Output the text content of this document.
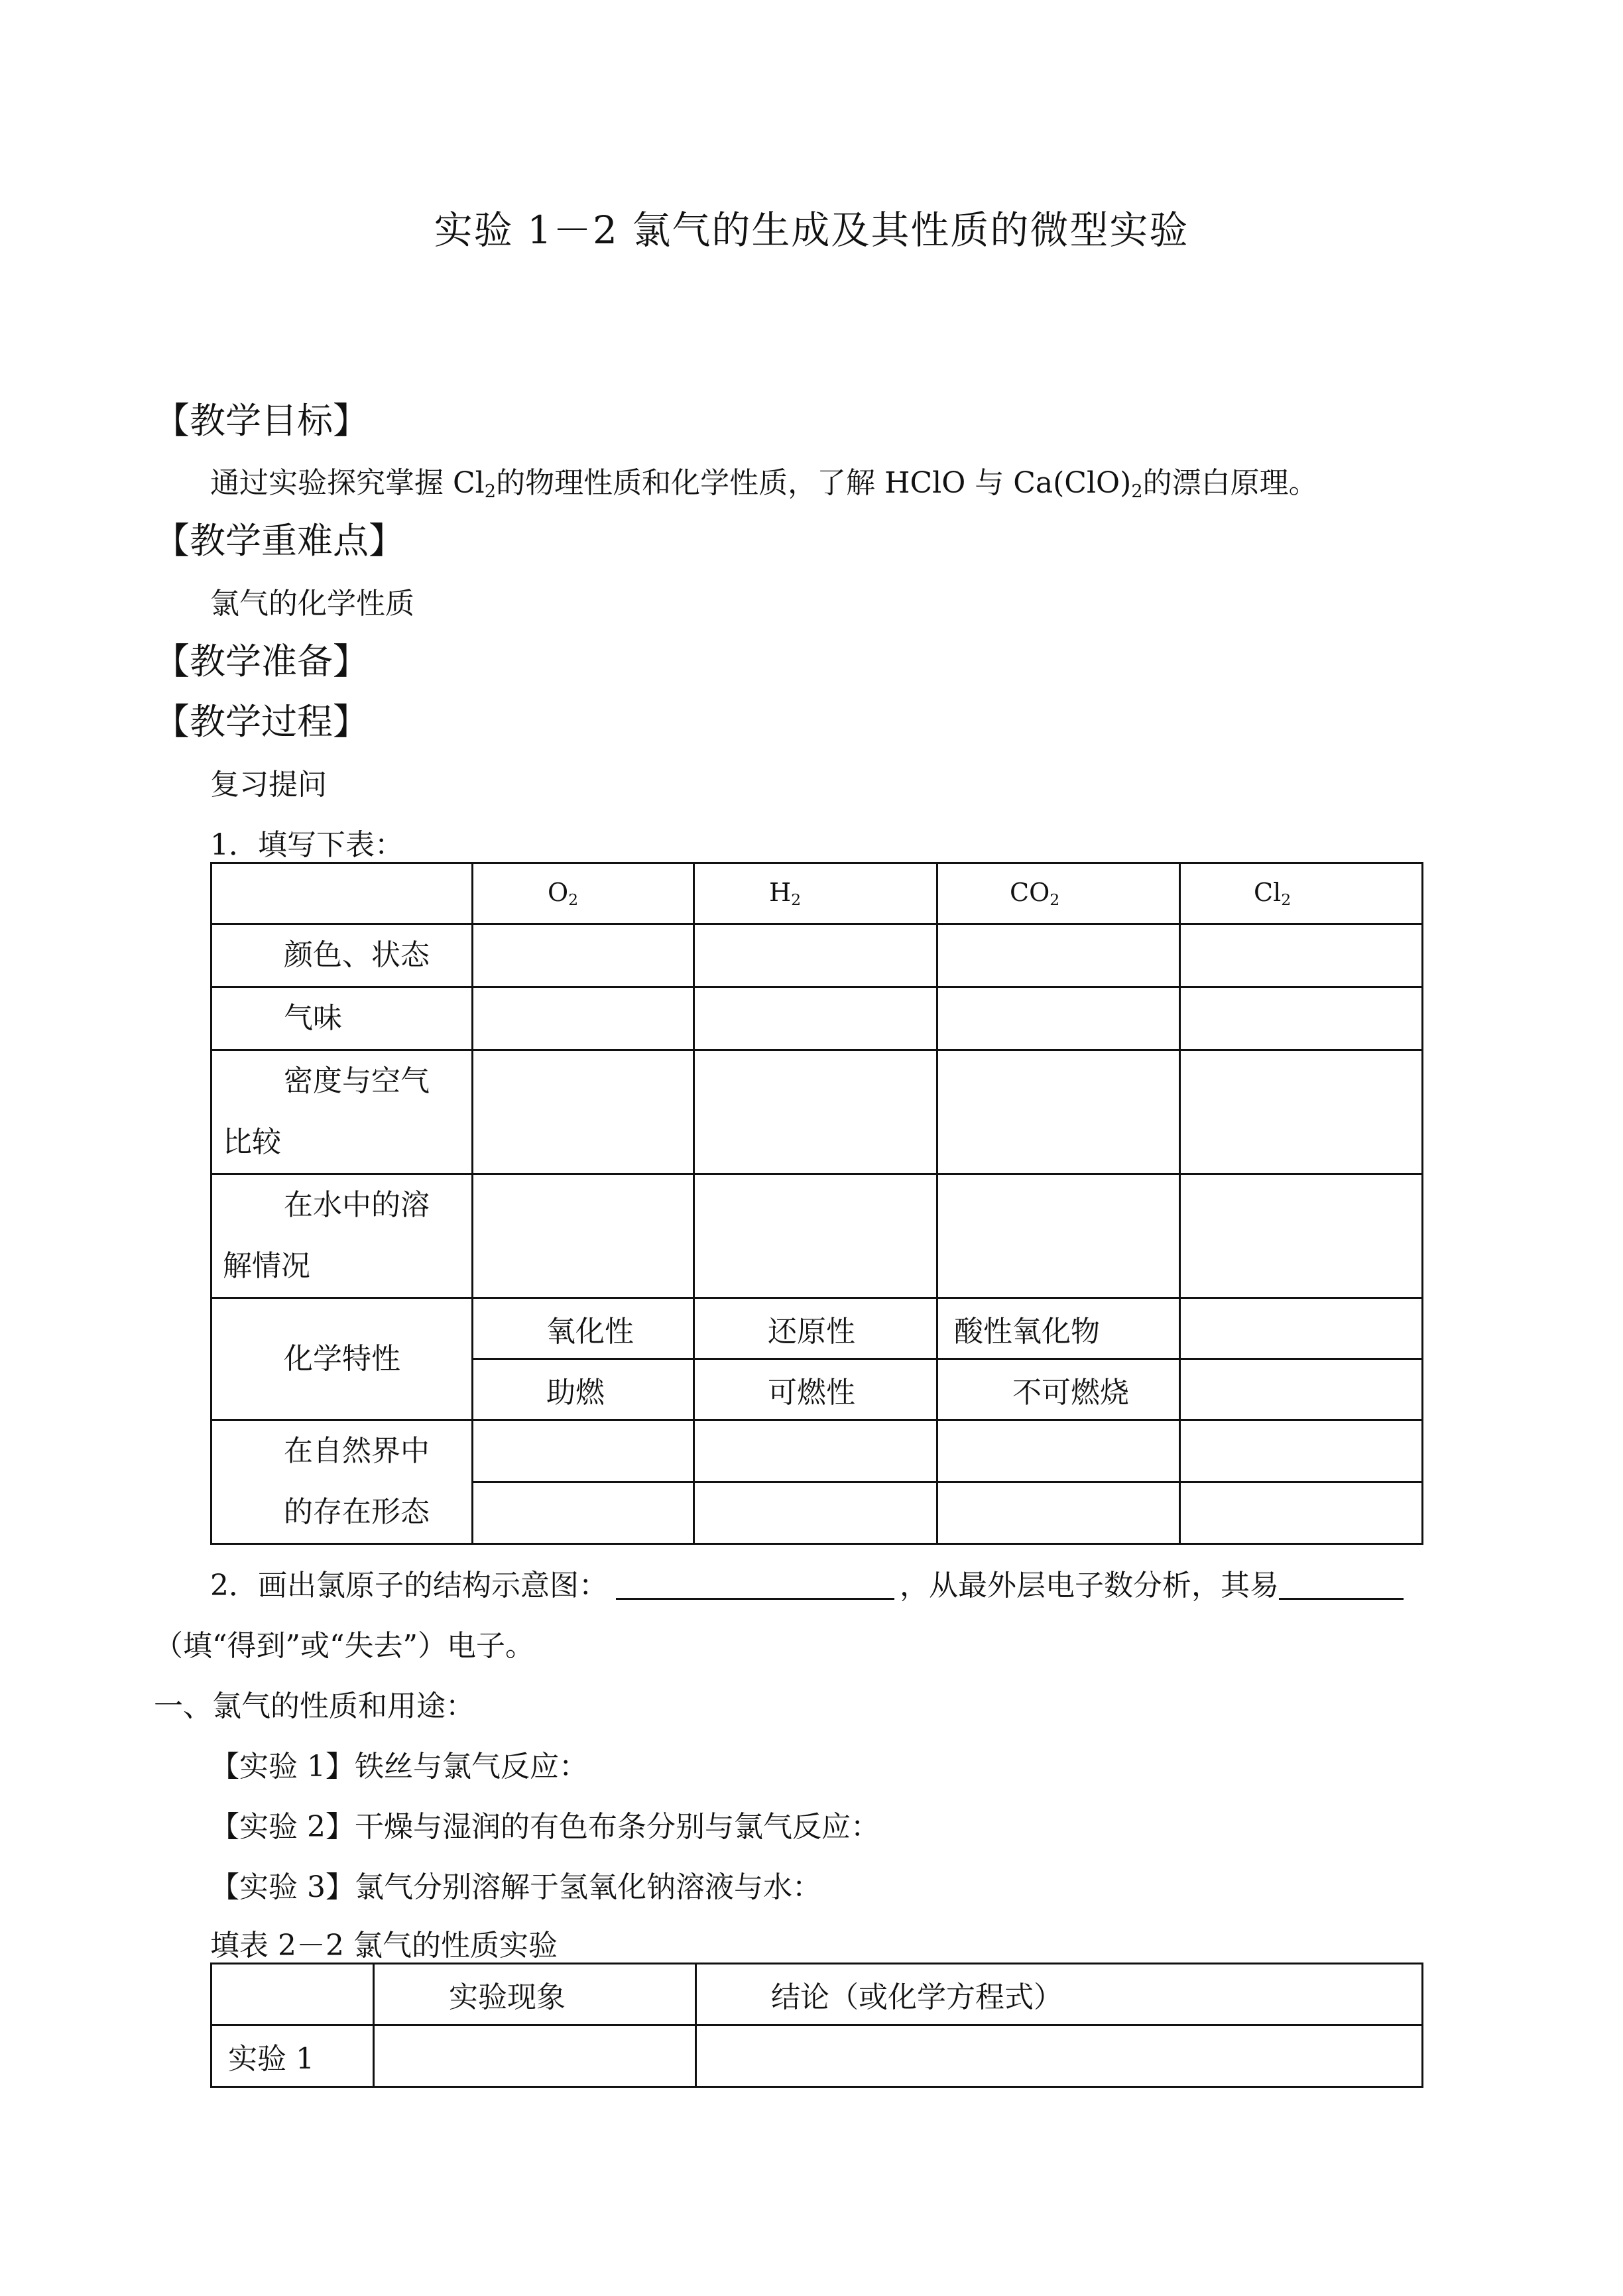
实验 1－2 氯气的生成及其性质的微型实验
【教学目标】
通过实验探究掌握 $Cl_2$的物理性质和化学性质，了解 HClO 与 $Ca(ClO)_2$的漂白原理。
【教学重难点】
氯气的化学性质
【教学准备】
【教学过程】
复习提问
1．填写下表：
	$O_2$	$H_2$	$CO_2$	$Cl_2$
颜色、状态				
气味				

密度与空气
比较				

在水中的溶
解情况				

化学特性	氧化性	还原性	酸性氧化物	
	助燃	可燃性	不可燃烧	
在自然界中				
的存在形态				
2．画出氯原子的结构示意图：	，从最外层电子数分析，其易
（填“得到”或“失去”）电子。
一、氯气的性质和用途：
【实验 1】铁丝与氯气反应：
【实验 2】干燥与湿润的有色布条分别与氯气反应：
【实验 3】氯气分别溶解于氢氧化钠溶液与水：
填表 2－2 氯气的性质实验
	实验现象	结论（或化学方程式）
实验 1		
